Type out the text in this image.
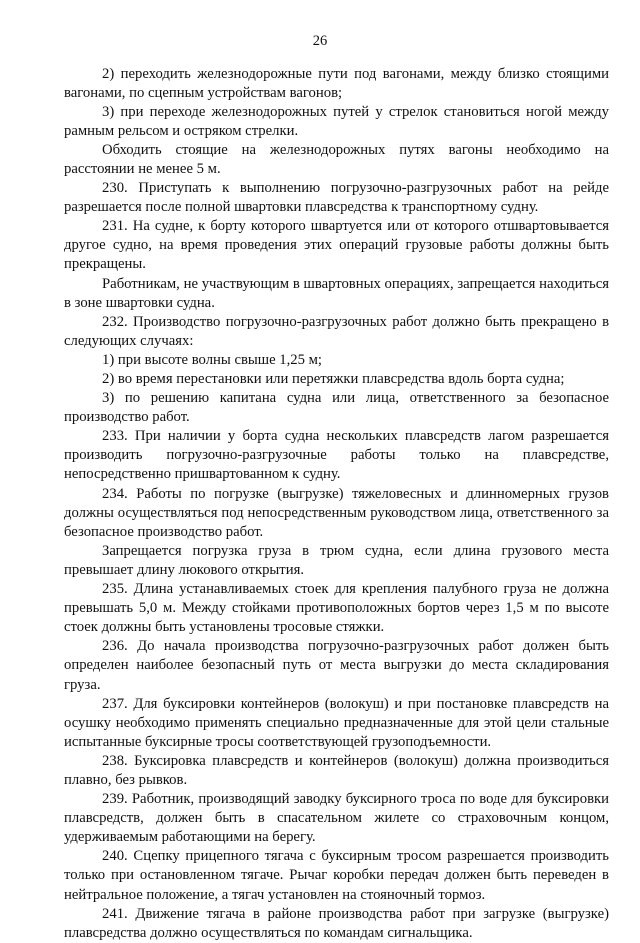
26

2) переходить железнодорожные пути под вагонами, между близко стоящими вагонами, по сцепным устройствам вагонов;

3) при переходе железнодорожных путей у стрелок становиться ногой между рамным рельсом и остряком стрелки.

Обходить стоящие на железнодорожных путях вагоны необходимо на расстоянии не менее 5 м.

230. Приступать к выполнению погрузочно-разгрузочных работ на рейде разрешается после полной швартовки плавсредства к транспортному судну.

231. На судне, к борту которого швартуется или от которого отшвартовывается другое судно, на время проведения этих операций грузовые работы должны быть прекращены.

Работникам, не участвующим в швартовных операциях, запрещается находиться в зоне швартовки судна.

232. Производство погрузочно-разгрузочных работ должно быть прекращено в следующих случаях:

1) при высоте волны свыше 1,25 м;

2) во время перестановки или перетяжки плавсредства вдоль борта судна;

3) по решению капитана судна или лица, ответственного за безопасное производство работ.

233. При наличии у борта судна нескольких плавсредств лагом разрешается производить погрузочно-разгрузочные работы только на плавсредстве, непосредственно пришвартованном к судну.

234. Работы по погрузке (выгрузке) тяжеловесных и длинномерных грузов должны осуществляться под непосредственным руководством лица, ответственного за безопасное производство работ.

Запрещается погрузка груза в трюм судна, если длина грузового места превышает длину люкового открытия.

235. Длина устанавливаемых стоек для крепления палубного груза не должна превышать 5,0 м. Между стойками противоположных бортов через 1,5 м по высоте стоек должны быть установлены тросовые стяжки.

236. До начала производства погрузочно-разгрузочных работ должен быть определен наиболее безопасный путь от места выгрузки до места складирования груза.

237. Для буксировки контейнеров (волокуш) и при постановке плавсредств на осушку необходимо применять специально предназначенные для этой цели стальные испытанные буксирные тросы соответствующей грузоподъемности.

238. Буксировка плавсредств и контейнеров (волокуш) должна производиться плавно, без рывков.

239. Работник, производящий заводку буксирного троса по воде для буксировки плавсредств, должен быть в спасательном жилете со страховочным концом, удерживаемым работающими на берегу.

240. Сцепку прицепного тягача с буксирным тросом разрешается производить только при остановленном тягаче. Рычаг коробки передач должен быть переведен в нейтральное положение, а тягач установлен на стояночный тормоз.

241. Движение тягача в районе производства работ при загрузке (выгрузке) плавсредства должно осуществляться по командам сигнальщика.
